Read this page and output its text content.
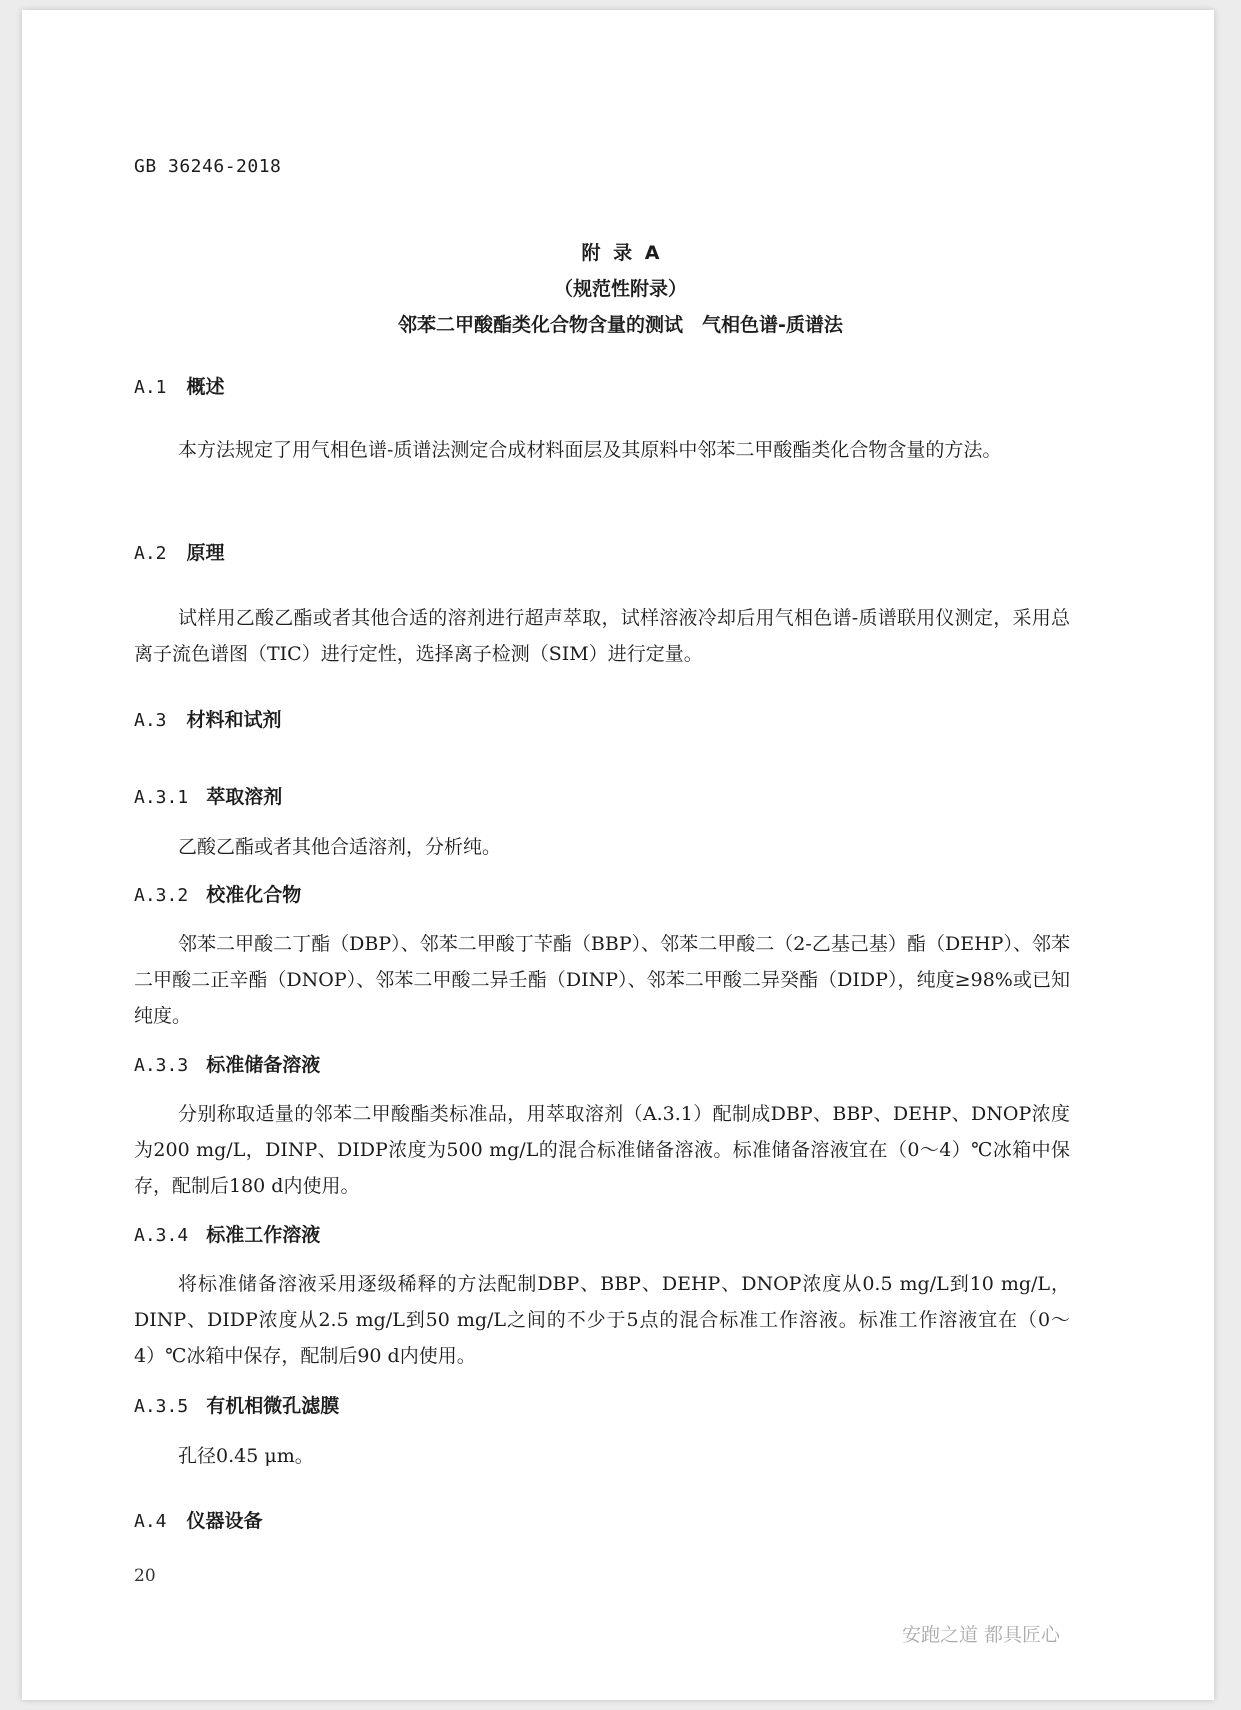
GB 36246-2018
附 录 A
（规范性附录）
邻苯二甲酸酯类化合物含量的测试　气相色谱-质谱法
A.1 概述
本方法规定了用气相色谱-质谱法测定合成材料面层及其原料中邻苯二甲酸酯类化合物含量的方法。
A.2 原理
试样用乙酸乙酯或者其他合适的溶剂进行超声萃取，试样溶液冷却后用气相色谱-质谱联用仪测定，采用总离子流色谱图（TIC）进行定性，选择离子检测（SIM）进行定量。
A.3 材料和试剂
A.3.1 萃取溶剂
乙酸乙酯或者其他合适溶剂，分析纯。
A.3.2 校准化合物
邻苯二甲酸二丁酯（DBP）、邻苯二甲酸丁苄酯（BBP）、邻苯二甲酸二（2-乙基己基）酯（DEHP）、邻苯二甲酸二正辛酯（DNOP）、邻苯二甲酸二异壬酯（DINP）、邻苯二甲酸二异癸酯（DIDP），纯度≥98%或已知纯度。
A.3.3 标准储备溶液
分别称取适量的邻苯二甲酸酯类标准品，用萃取溶剂（A.3.1）配制成DBP、BBP、DEHP、DNOP浓度为200 mg/L，DINP、DIDP浓度为500 mg/L的混合标准储备溶液。标准储备溶液宜在（0～4）℃冰箱中保存，配制后180 d内使用。
A.3.4 标准工作溶液
将标准储备溶液采用逐级稀释的方法配制DBP、BBP、DEHP、DNOP浓度从0.5 mg/L到10 mg/L，DINP、DIDP浓度从2.5 mg/L到50 mg/L之间的不少于5点的混合标准工作溶液。标准工作溶液宜在（0～4）℃冰箱中保存，配制后90 d内使用。
A.3.5 有机相微孔滤膜
孔径0.45 μm。
A.4 仪器设备
20
安跑之道 都具匠心
